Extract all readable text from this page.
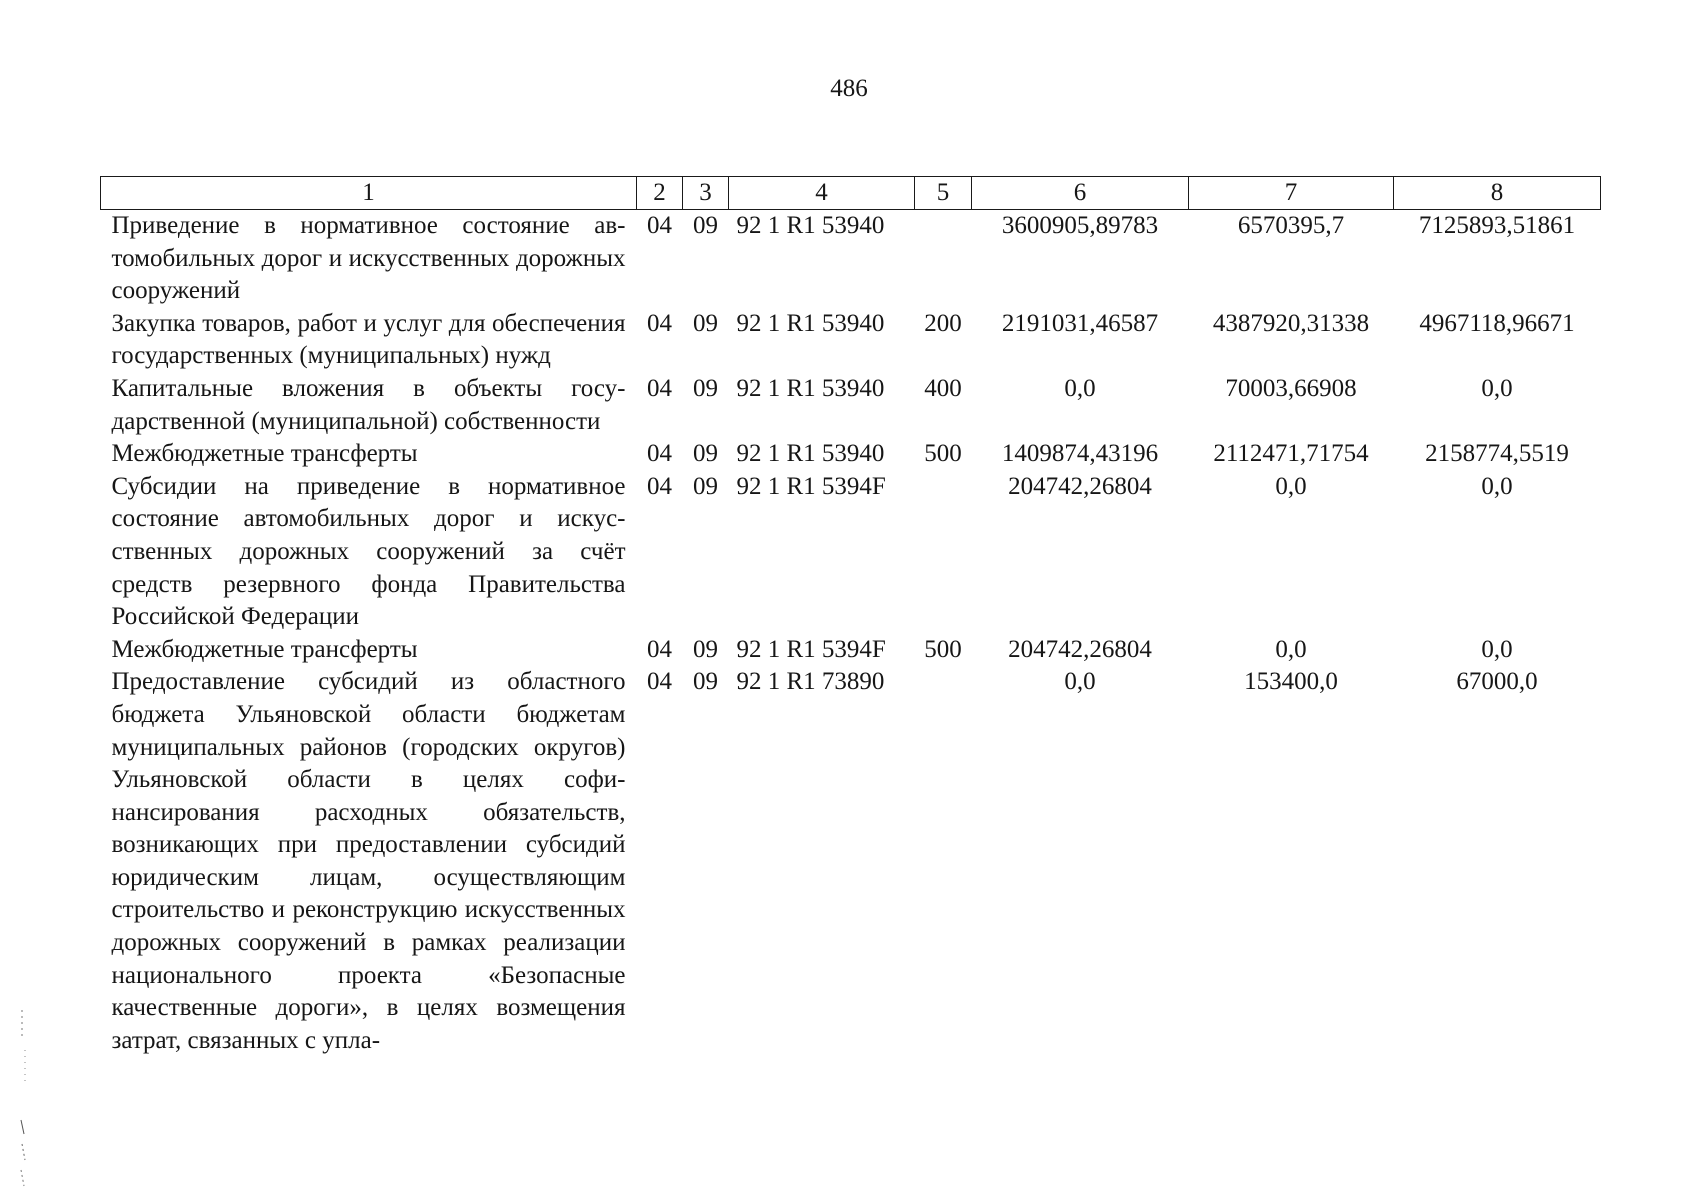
486
1	2	3	4	5	6	7	8
Приведение в нормативное состояние автомобильных дорог и искусственных дорожных сооружений	04	09	92 1 R1 53940		3600905,89783	6570395,7	7125893,51861
Закупка товаров, работ и услуг для обеспечения государственных (муниципальных) нужд	04	09	92 1 R1 53940	200	2191031,46587	4387920,31338	4967118,96671
Капитальные вложения в объекты государственной (муниципальной) собственности	04	09	92 1 R1 53940	400	0,0	70003,66908	0,0
Межбюджетные трансферты	04	09	92 1 R1 53940	500	1409874,43196	2112471,71754	2158774,5519
Субсидии на приведение в нормативное состояние автомобильных дорог и искусственных дорожных сооружений за счёт средств резервного фонда Правительства Российской Федерации	04	09	92 1 R1 5394F		204742,26804	0,0	0,0
Межбюджетные трансферты	04	09	92 1 R1 5394F	500	204742,26804	0,0	0,0
Предоставление субсидий из областного бюджета Ульяновской области бюджетам муниципальных районов (городских округов) Ульяновской области в целях софинансирования расходных обязательств, возникающих при предоставлении субсидий юридическим лицам, осуществляющим строительство и реконструкцию искусственных дорожных сооружений в рамках реализации национального проекта «Безопасные качественные дороги», в целях возмещения затрат, связанных с упла-	04	09	92 1 R1 73890		0,0	153400,0	67000,0
